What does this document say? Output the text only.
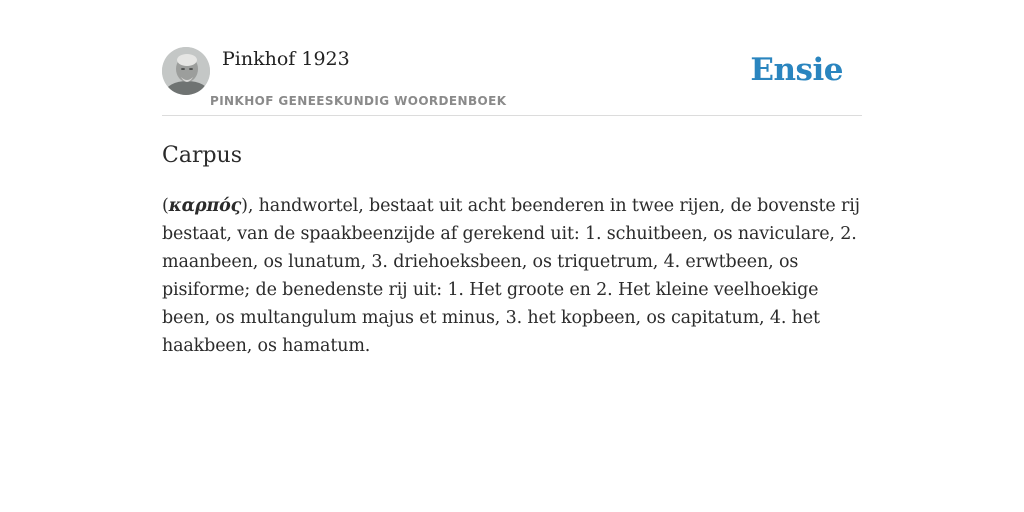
Pinkhof 1923
PINKHOF GENEESKUNDIG WOORDENBOEK
Ensie
Carpus

(καρπός), handwortel, bestaat uit acht beenderen in twee rijen, de bovenste rij bestaat, van de spaakbeenzijde af gerekend uit: 1. schuitbeen, os naviculare, 2. maanbeen, os lunatum, 3. driehoeksbeen, os triquetrum, 4. erwtbeen, os pisiforme; de benedenste rij uit: 1. Het groote en 2. Het kleine veelhoekige been, os multangulum majus et minus, 3. het kopbeen, os capitatum, 4. het haakbeen, os hamatum.
